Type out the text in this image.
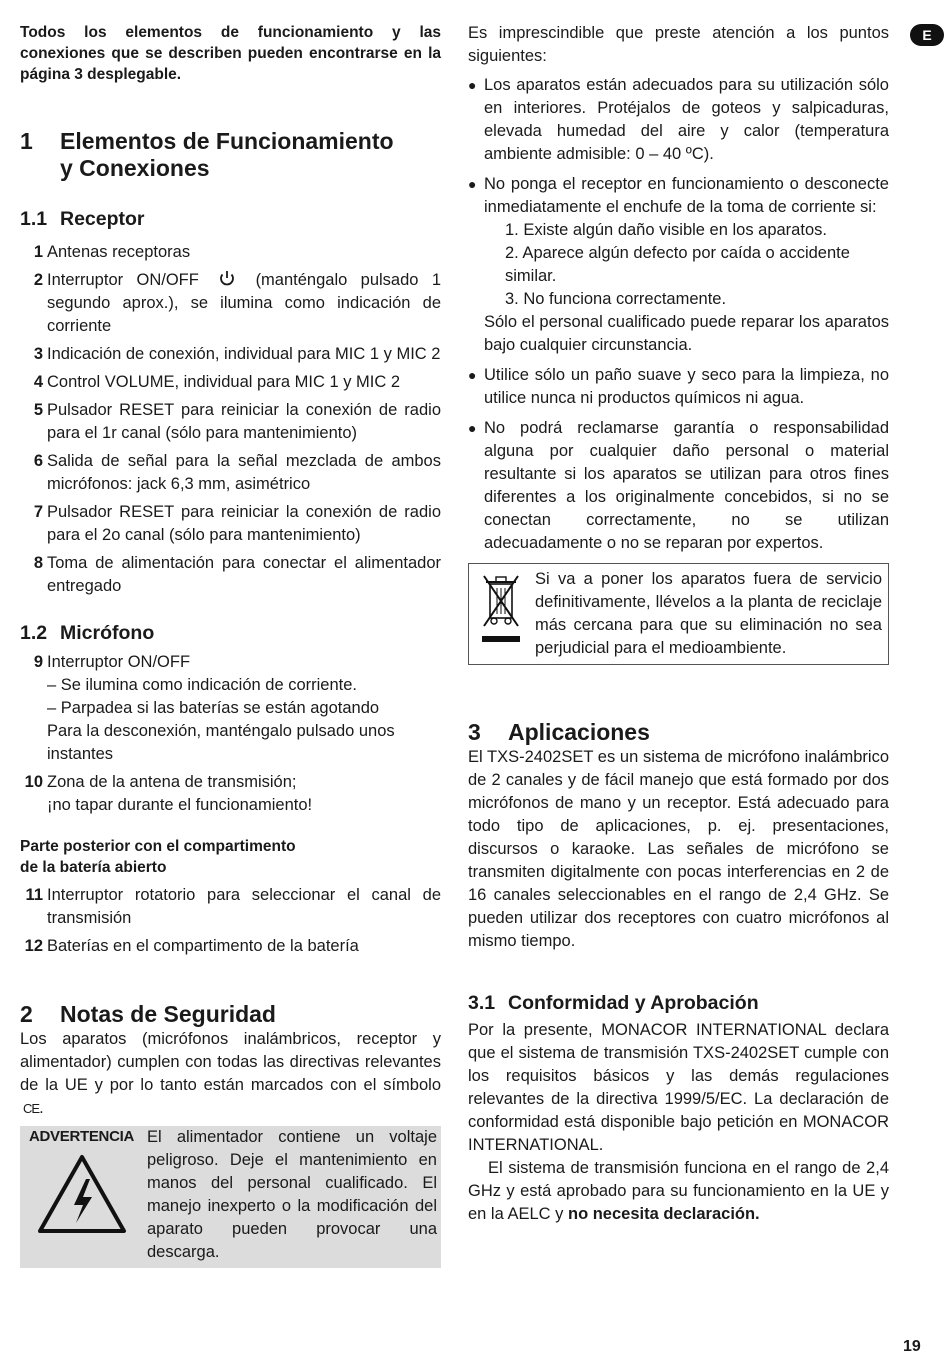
E

Todos los elementos de funcionamiento y las conexiones que se describen pueden encontrarse en la página 3 desplegable.

1	Elementos de Funcionamiento
y Conexiones
1.1 Receptor
1 Antenas receptoras
2 Interruptor ON/OFF	(manténgalo pulsado 1 segundo aprox.), se ilumina como indicación de corriente
3 Indicación de conexión, individual para MIC 1 y MIC 2
4 Control VOLUME, individual para MIC 1 y MIC 2
5 Pulsador RESET para reiniciar la conexión de radio para el 1r canal (sólo para mantenimiento)
6 Salida de señal para la señal mezclada de ambos micrófonos: jack 6,3 mm, asimétrico
7 Pulsador RESET para reiniciar la conexión de radio para el 2o canal (sólo para mantenimiento)
8 Toma de alimentación para conectar el alimentador entregado
1.2 Micrófono
9 Interruptor ON/OFF
– Se ilumina como indicación de corriente.
– Parpadea si las baterías se están agotando
Para la desconexión, manténgalo pulsado unos instantes
10 Zona de la antena de transmisión;
¡no tapar durante el funcionamiento!

Parte posterior con el compartimento
de la batería abierto

11 Interruptor rotatorio para seleccionar el canal de transmisión
12 Baterías en el compartimento de la batería
2	Notas de Seguridad

Los aparatos (micrófonos inalámbricos, receptor y alimentador) cumplen con todas las directivas relevantes de la UE y por lo tanto están marcados con el símbolo CE.

ADVERTENCIA El alimentador contiene un voltaje peligroso. Deje el mantenimiento en manos del personal cualificado. El manejo inexperto o la modificación del aparato pueden provocar una descarga.

Es imprescindible que preste atención a los puntos siguientes:

● Los aparatos están adecuados para su utilización sólo en interiores. Protéjalos de goteos y salpicaduras, elevada humedad del aire y calor (temperatura ambiente admisible: 0 – 40 ºC).
● No ponga el receptor en funcionamiento o desconecte inmediatamente el enchufe de la toma de corriente si:
1. Existe algún daño visible en los aparatos.
2. Aparece algún defecto por caída o accidente similar.
3. No funciona correctamente.
Sólo el personal cualificado puede reparar los aparatos bajo cualquier circunstancia.
● Utilice sólo un paño suave y seco para la limpieza, no utilice nunca ni productos químicos ni agua.
● No podrá reclamarse garantía o responsabilidad alguna por cualquier daño personal o material resultante si los aparatos se utilizan para otros fines diferentes a los originalmente concebidos, si no se conectan correctamente, no se utilizan adecuadamente o no se reparan por expertos.
Si va a poner los aparatos fuera de servicio definitivamente, llévelos a la planta de reciclaje más cercana para que su eliminación no sea perjudicial para el medioambiente.
3	Aplicaciones

El TXS-2402SET es un sistema de micrófono inalámbrico de 2 canales y de fácil manejo que está formado por dos micrófonos de mano y un receptor. Está adecuado para todo tipo de aplicaciones, p. ej. presentaciones, discursos o karaoke. Las señales de micrófono se transmiten digitalmente con pocas interferencias en 2 de 16 canales seleccionables en el rango de 2,4 GHz. Se pueden utilizar dos receptores con cuatro micrófonos al mismo tiempo.

3.1 Conformidad y Aprobación

Por la presente, MONACOR INTERNATIONAL declara que el sistema de transmisión TXS-2402SET cumple con los requisitos básicos y las demás regulaciones relevantes de la directiva 1999/5/EC. La declaración de conformidad está disponible bajo petición en MONACOR INTERNATIONAL.

El sistema de transmisión funciona en el rango de 2,4 GHz y está aprobado para su funcionamiento en la UE y en la AELC y no necesita declaración.

19
